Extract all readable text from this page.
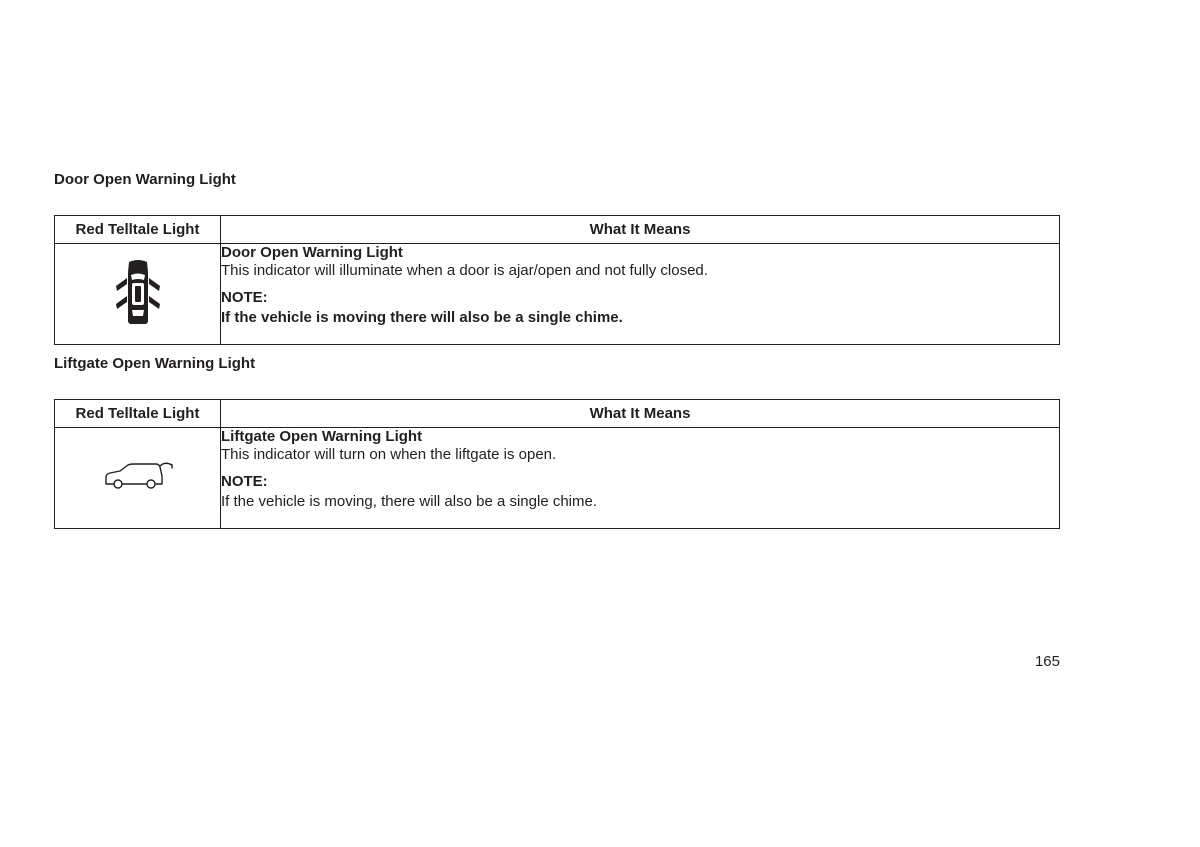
Door Open Warning Light
Red Telltale Light	What It Means

Door Open Warning Light
This indicator will illuminate when a door is ajar/open and not fully closed.
NOTE:
If the vehicle is moving there will also be a single chime.
Liftgate Open Warning Light
Red Telltale Light	What It Means

Liftgate Open Warning Light
This indicator will turn on when the liftgate is open.
NOTE:
If the vehicle is moving, there will also be a single chime.
165
